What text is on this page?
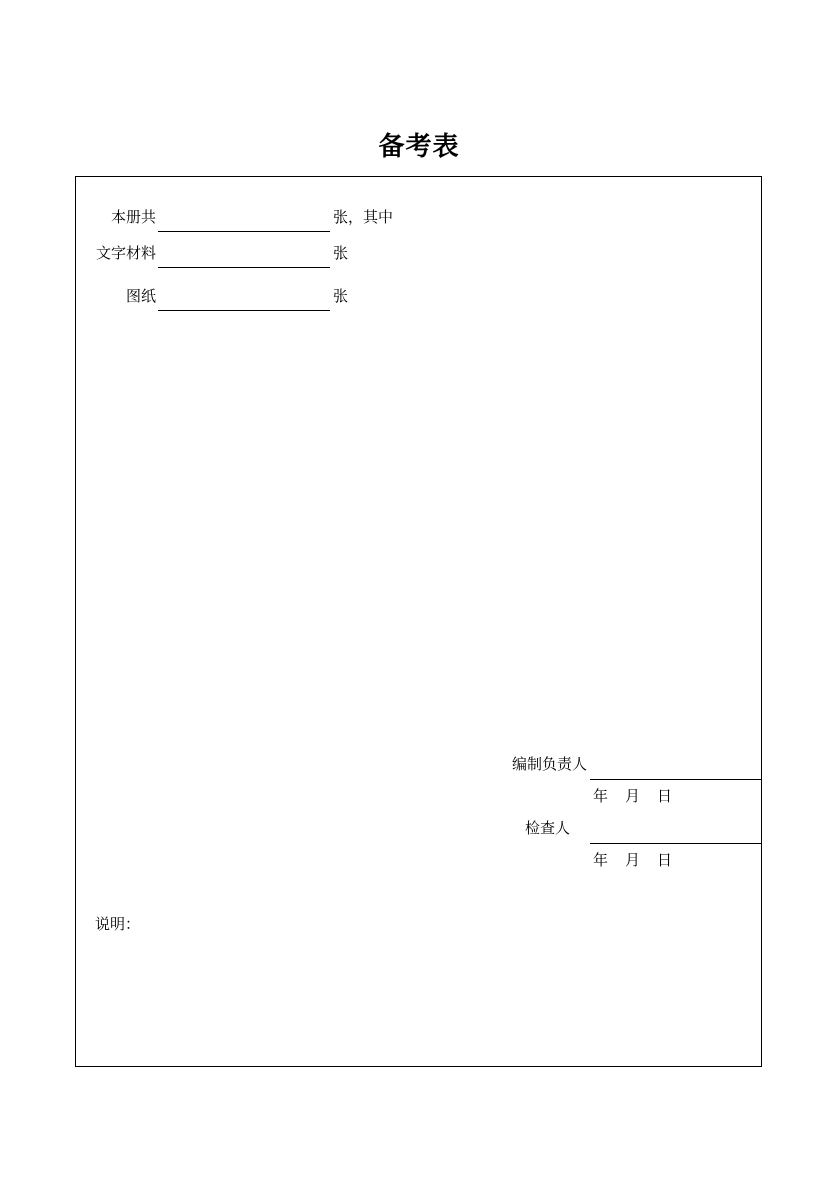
备考表
本册共	张，其中
文字材料	张
图纸	张
编制负责人
年 月 日
检查人
年 月 日
说明：
